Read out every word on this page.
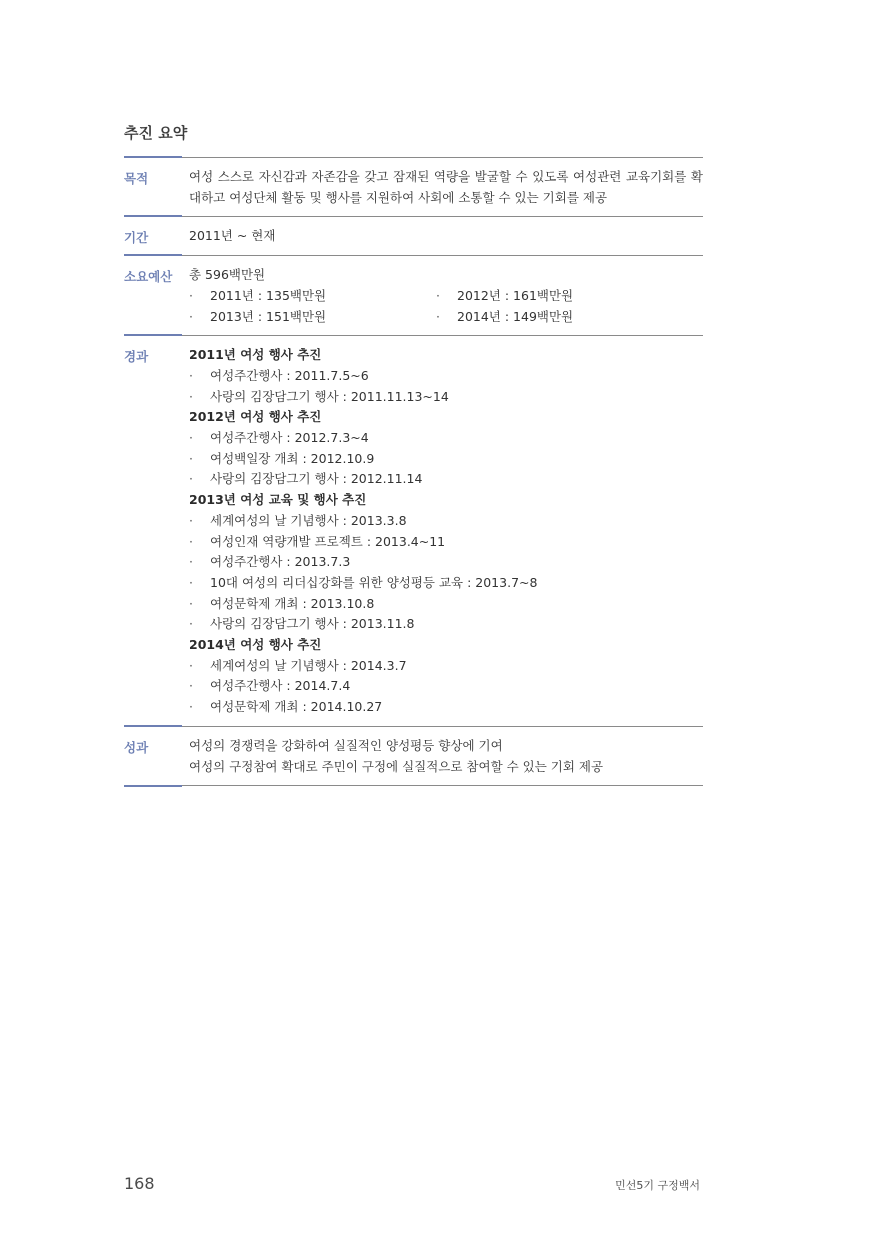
추진 요약
목적	여성 스스로 자신감과 자존감을 갖고 잠재된 역량을 발굴할 수 있도록 여성관련 교육기회를 확대하고 여성단체 활동 및 행사를 지원하여 사회에 소통할 수 있는 기회를 제공
기간	2011년 ~ 현재
소요예산 총 596백만원
· 2011년 : 135백만원	· 2012년 : 161백만원
· 2013년 : 151백만원	· 2014년 : 149백만원
경과	2011년 여성 행사 추진
· 여성주간행사 : 2011.7.5~6
· 사랑의 김장담그기 행사 : 2011.11.13~14
2012년 여성 행사 추진
· 여성주간행사 : 2012.7.3~4
· 여성백일장 개최 : 2012.10.9
· 사랑의 김장담그기 행사 : 2012.11.14
2013년 여성 교육 및 행사 추진
· 세계여성의 날 기념행사 : 2013.3.8
· 여성인재 역량개발 프로젝트 : 2013.4~11
· 여성주간행사 : 2013.7.3
· 10대 여성의 리더십강화를 위한 양성평등 교육 : 2013.7~8
· 여성문학제 개최 : 2013.10.8
· 사랑의 김장담그기 행사 : 2013.11.8
2014년 여성 행사 추진
· 세계여성의 날 기념행사 : 2014.3.7
· 여성주간행사 : 2014.7.4
· 여성문학제 개최 : 2014.10.27
성과	여성의 경쟁력을 강화하여 실질적인 양성평등 향상에 기여
여성의 구정참여 확대로 주민이 구정에 실질적으로 참여할 수 있는 기회 제공
168	민선5기 구정백서
